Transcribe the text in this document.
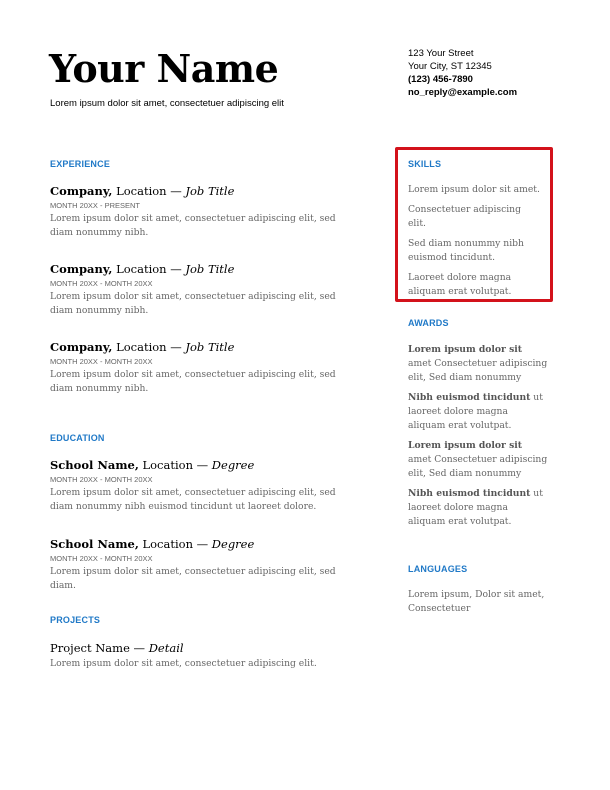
Your Name

Lorem ipsum dolor sit amet, consectetuer adipiscing elit

123 Your Street
Your City, ST 12345
(123) 456-7890
no_reply@example.com
EXPERIENCE
Company, Location — Job Title
MONTH 20XX - PRESENT
Lorem ipsum dolor sit amet, consectetuer adipiscing elit, sed diam nonummy nibh.
Company, Location — Job Title
MONTH 20XX - MONTH 20XX
Lorem ipsum dolor sit amet, consectetuer adipiscing elit, sed diam nonummy nibh.
Company, Location — Job Title
MONTH 20XX - MONTH 20XX
Lorem ipsum dolor sit amet, consectetuer adipiscing elit, sed diam nonummy nibh.
EDUCATION
School Name, Location — Degree
MONTH 20XX - MONTH 20XX
Lorem ipsum dolor sit amet, consectetuer adipiscing elit, sed diam nonummy nibh euismod tincidunt ut laoreet dolore.
School Name, Location — Degree
MONTH 20XX - MONTH 20XX
Lorem ipsum dolor sit amet, consectetuer adipiscing elit, sed diam.
PROJECTS
Project Name — Detail
Lorem ipsum dolor sit amet, consectetuer adipiscing elit.
SKILLS
Lorem ipsum dolor sit amet.
Consectetuer adipiscing elit.
Sed diam nonummy nibh euismod tincidunt.
Laoreet dolore magna aliquam erat volutpat.
AWARDS
Lorem ipsum dolor sit amet Consectetuer adipiscing elit, Sed diam nonummy
Nibh euismod tincidunt ut laoreet dolore magna aliquam erat volutpat.
Lorem ipsum dolor sit amet Consectetuer adipiscing elit, Sed diam nonummy
Nibh euismod tincidunt ut laoreet dolore magna aliquam erat volutpat.
LANGUAGES
Lorem ipsum, Dolor sit amet, Consectetuer
